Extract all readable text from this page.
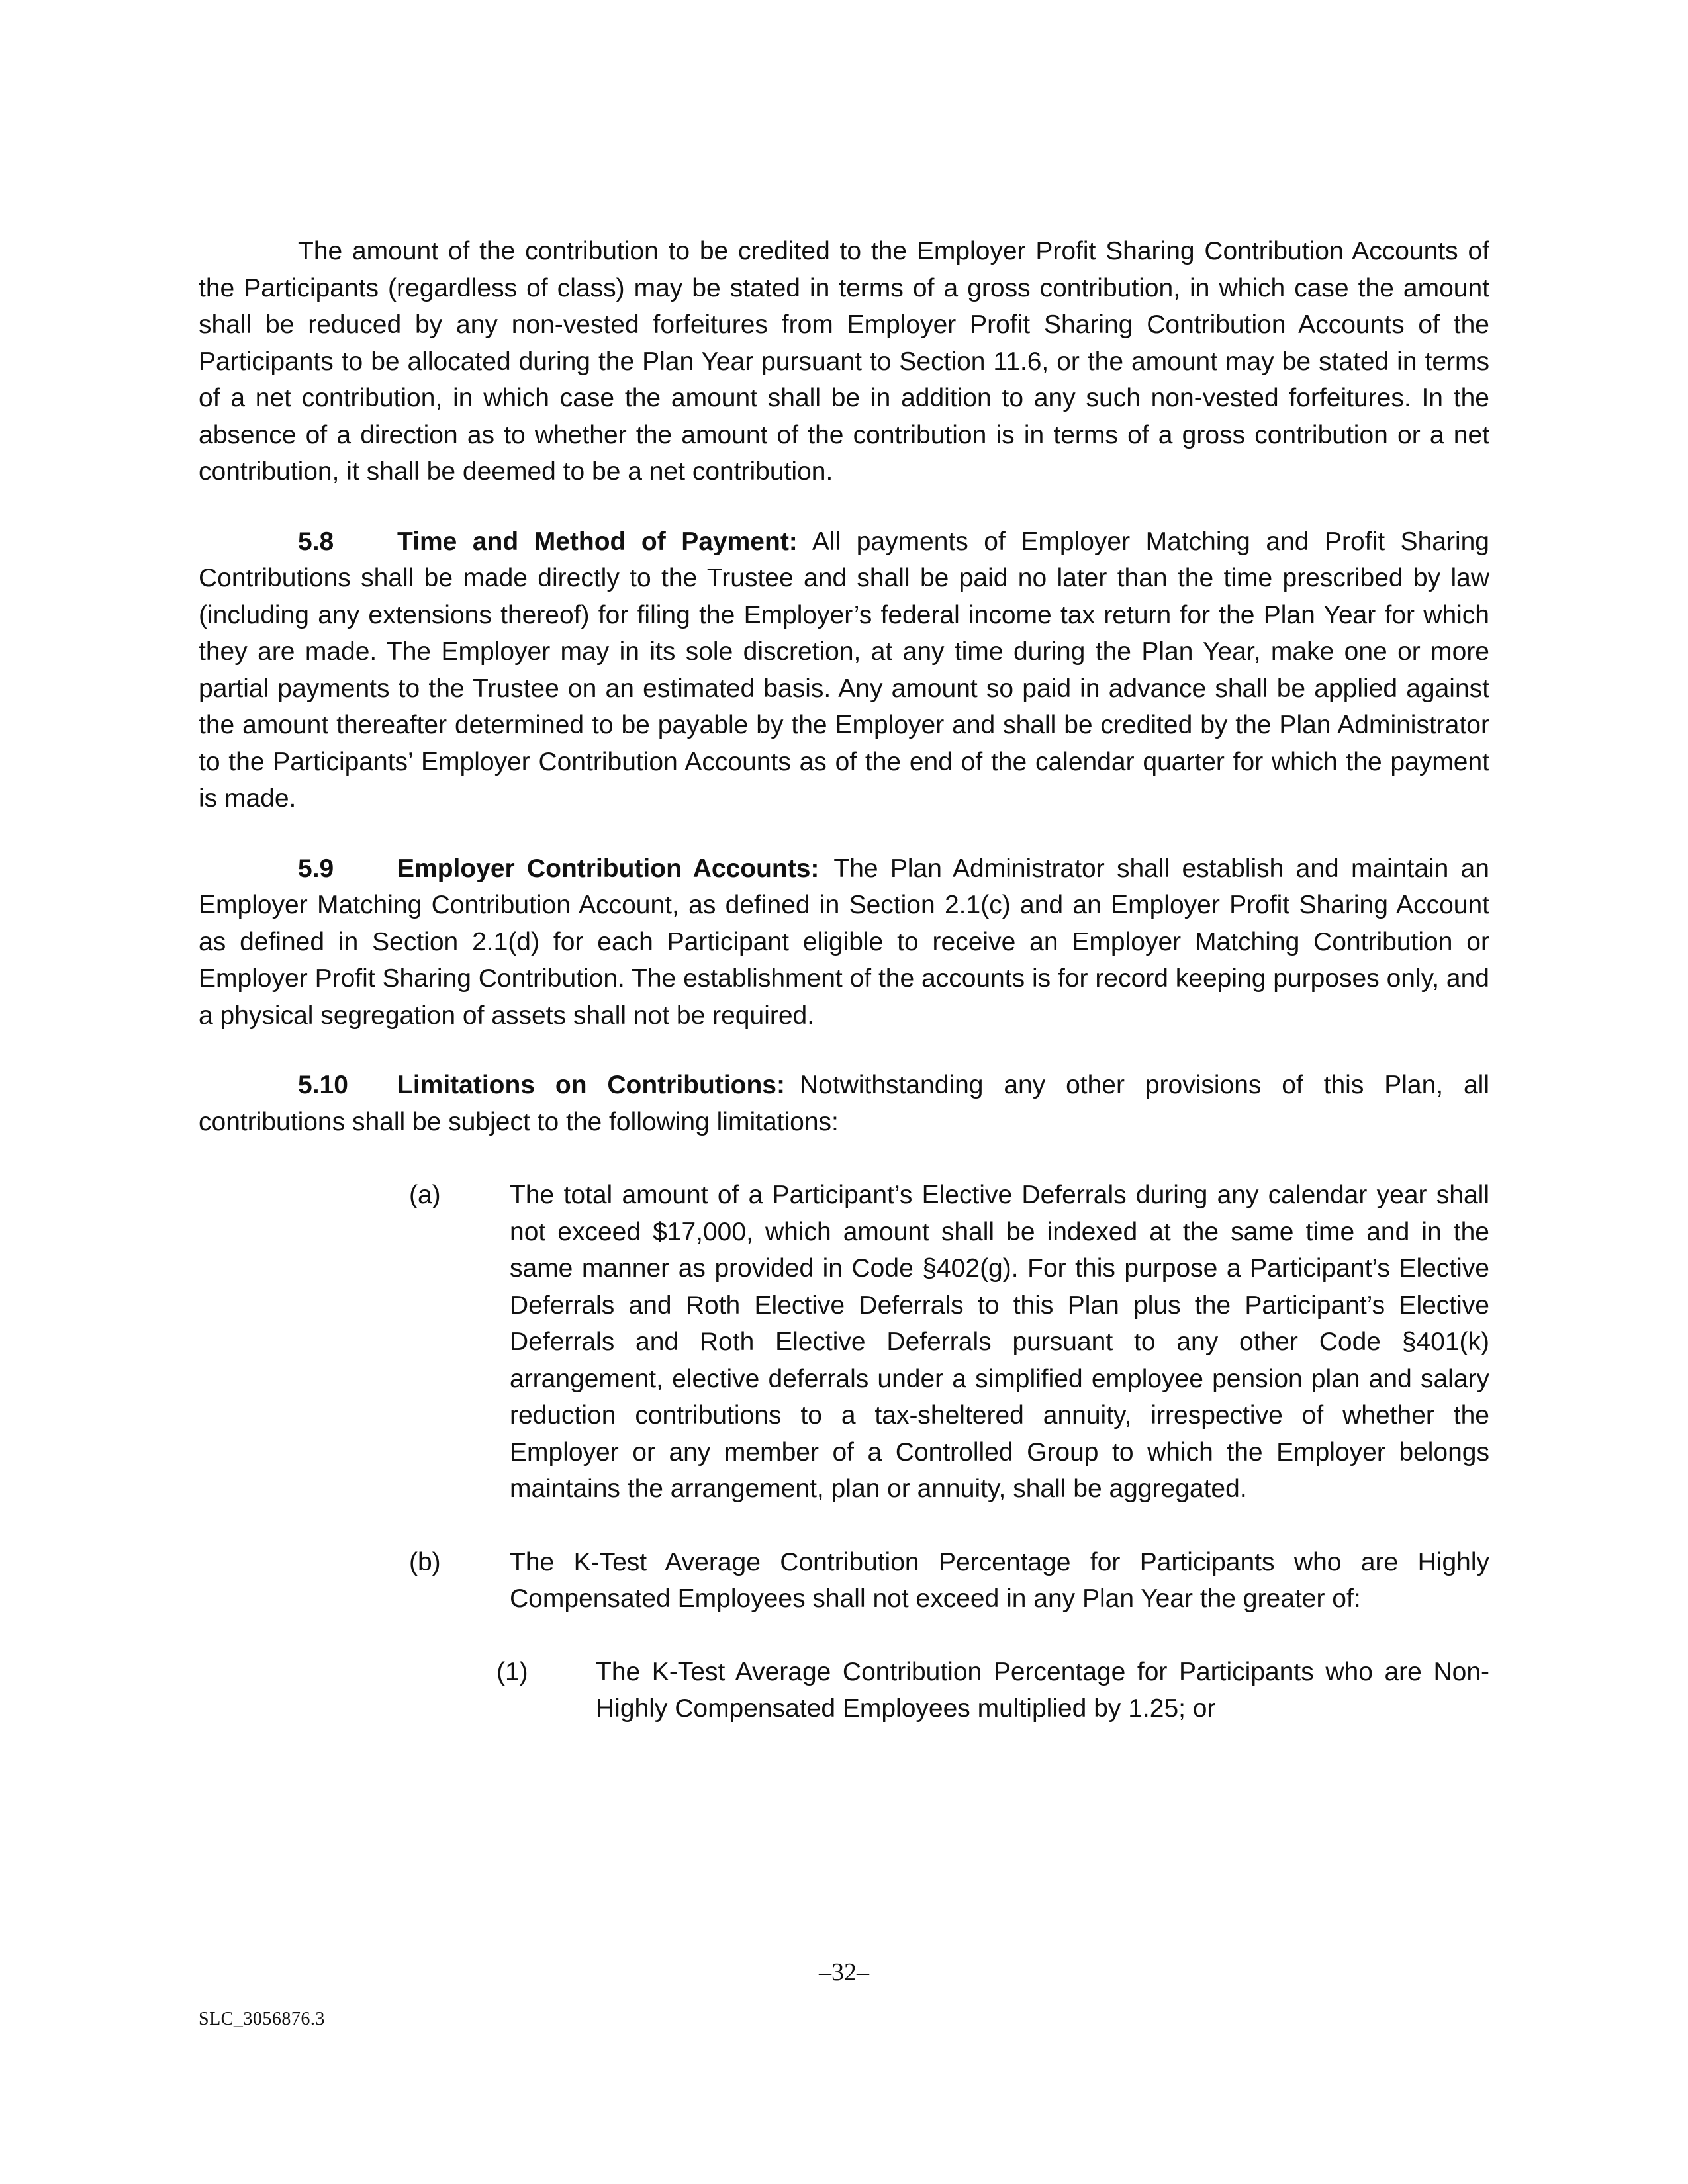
The amount of the contribution to be credited to the Employer Profit Sharing Contribution Accounts of the Participants (regardless of class) may be stated in terms of a gross contribution, in which case the amount shall be reduced by any non-vested forfeitures from Employer Profit Sharing Contribution Accounts of the Participants to be allocated during the Plan Year pursuant to Section 11.6, or the amount may be stated in terms of a net contribution, in which case the amount shall be in addition to any such non-vested forfeitures. In the absence of a direction as to whether the amount of the contribution is in terms of a gross contribution or a net contribution, it shall be deemed to be a net contribution.

5.8 Time and Method of Payment: All payments of Employer Matching and Profit Sharing Contributions shall be made directly to the Trustee and shall be paid no later than the time prescribed by law (including any extensions thereof) for filing the Employer’s federal income tax return for the Plan Year for which they are made. The Employer may in its sole discretion, at any time during the Plan Year, make one or more partial payments to the Trustee on an estimated basis. Any amount so paid in advance shall be applied against the amount thereafter determined to be payable by the Employer and shall be credited by the Plan Administrator to the Participants’ Employer Contribution Accounts as of the end of the calendar quarter for which the payment is made.

5.9 Employer Contribution Accounts: The Plan Administrator shall establish and maintain an Employer Matching Contribution Account, as defined in Section 2.1(c) and an Employer Profit Sharing Account as defined in Section 2.1(d) for each Participant eligible to receive an Employer Matching Contribution or Employer Profit Sharing Contribution. The establishment of the accounts is for record keeping purposes only, and a physical segregation of assets shall not be required.

5.10 Limitations on Contributions: Notwithstanding any other provisions of this Plan, all contributions shall be subject to the following limitations:

(a)	The total amount of a Participant’s Elective Deferrals during any calendar year shall not exceed $17,000, which amount shall be indexed at the same time and in the same manner as provided in Code §402(g). For this purpose a Participant’s Elective Deferrals and Roth Elective Deferrals to this Plan plus the Participant’s Elective Deferrals and Roth Elective Deferrals pursuant to any other Code §401(k) arrangement, elective deferrals under a simplified employee pension plan and salary reduction contributions to a tax-sheltered annuity, irrespective of whether the Employer or any member of a Controlled Group to which the Employer belongs maintains the arrangement, plan or annuity, shall be aggregated.

(b)	The K-Test Average Contribution Percentage for Participants who are Highly Compensated Employees shall not exceed in any Plan Year the greater of:

(1)	The K-Test Average Contribution Percentage for Participants who are Non-Highly Compensated Employees multiplied by 1.25; or

–32–
SLC_3056876.3
